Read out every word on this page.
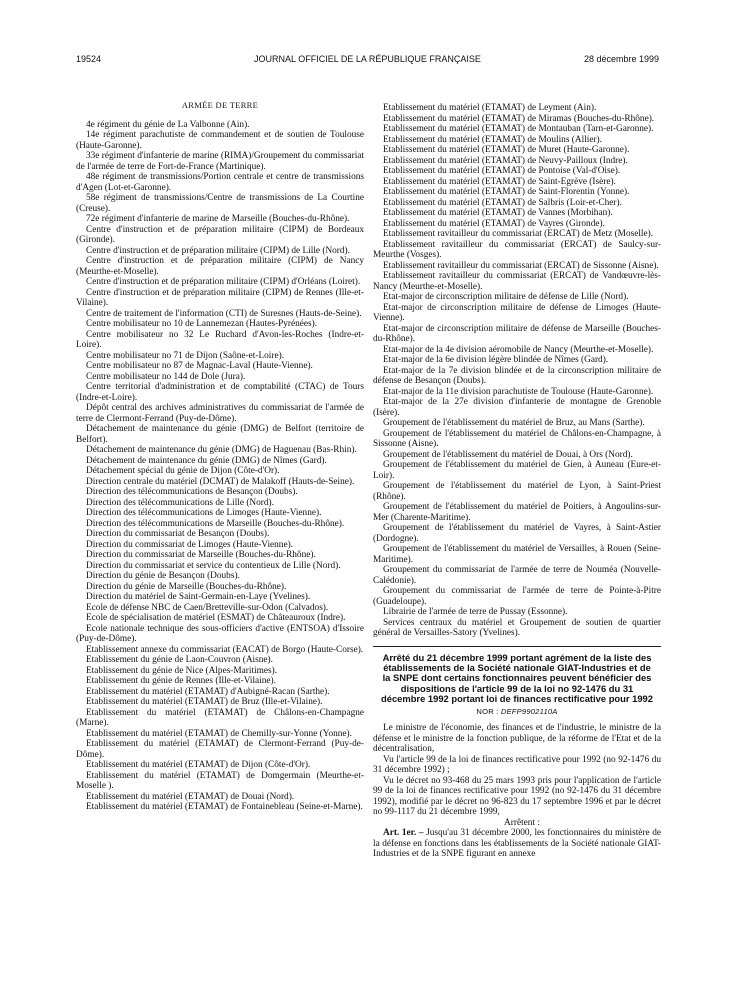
19524	JOURNAL OFFICIEL DE LA RÉPUBLIQUE FRANÇAISE	28 décembre 1999

ARMÉE DE TERRE

4e régiment du génie de La Valbonne (Ain).

14e régiment parachutiste de commandement et de soutien de Toulouse (Haute-Garonne).

33e régiment d'infanterie de marine (RIMA)/Groupement du commissariat de l'armée de terre de Fort-de-France (Martinique).

48e régiment de transmissions/Portion centrale et centre de transmissions d'Agen (Lot-et-Garonne).

58e régiment de transmissions/Centre de transmissions de La Courtine (Creuse).

72e régiment d'infanterie de marine de Marseille (Bouches-du-Rhône).

Centre d'instruction et de préparation militaire (CIPM) de Bordeaux (Gironde).

Centre d'instruction et de préparation militaire (CIPM) de Lille (Nord).

Centre d'instruction et de préparation militaire (CIPM) de Nancy (Meurthe-et-Moselle).

Centre d'instruction et de préparation militaire (CIPM) d'Orléans (Loiret).

Centre d'instruction et de préparation militaire (CIPM) de Rennes (Ille-et-Vilaine).

Centre de traitement de l'information (CTI) de Suresnes (Hauts-de-Seine).

Centre mobilisateur no 10 de Lannemezan (Hautes-Pyrénées).

Centre mobilisateur no 32 Le Ruchard d'Avon-les-Roches (Indre-et-Loire).

Centre mobilisateur no 71 de Dijon (Saône-et-Loire).

Centre mobilisateur no 87 de Magnac-Laval (Haute-Vienne).

Centre mobilisateur no 144 de Dole (Jura).

Centre territorial d'administration et de comptabilité (CTAC) de Tours (Indre-et-Loire).

Dépôt central des archives administratives du commissariat de l'armée de terre de Clermont-Ferrand (Puy-de-Dôme).

Détachement de maintenance du génie (DMG) de Belfort (territoire de Belfort).

Détachement de maintenance du génie (DMG) de Haguenau (Bas-Rhin).

Détachement de maintenance du génie (DMG) de Nîmes (Gard).

Détachement spécial du génie de Dijon (Côte-d'Or).

Direction centrale du matériel (DCMAT) de Malakoff (Hauts-de-Seine).

Direction des télécommunications de Besançon (Doubs).

Direction des télécommunications de Lille (Nord).

Direction des télécommunications de Limoges (Haute-Vienne).

Direction des télécommunications de Marseille (Bouches-du-Rhône).

Direction du commissariat de Besançon (Doubs).

Direction du commissariat de Limoges (Haute-Vienne).

Direction du commissariat de Marseille (Bouches-du-Rhône).

Direction du commissariat et service du contentieux de Lille (Nord).

Direction du génie de Besançon (Doubs).

Direction du génie de Marseille (Bouches-du-Rhône).

Direction du matériel de Saint-Germain-en-Laye (Yvelines).

Ecole de défense NBC de Caen/Bretteville-sur-Odon (Calvados).

Ecole de spécialisation de matériel (ESMAT) de Châteauroux (Indre).

Ecole nationale technique des sous-officiers d'active (ENTSOA) d'Issoire (Puy-de-Dôme).

Etablissement annexe du commissariat (EACAT) de Borgo (Haute-Corse).

Etablissement du génie de Laon-Couvron (Aisne).

Etablissement du génie de Nice (Alpes-Maritimes).

Etablissement du génie de Rennes (Ille-et-Vilaine).

Etablissement du matériel (ETAMAT) d'Aubigné-Racan (Sarthe).

Etablissement du matériel (ETAMAT) de Bruz (Ille-et-Vilaine).

Etablissement du matériel (ETAMAT) de Châlons-en-Champagne (Marne).

Etablissement du matériel (ETAMAT) de Chemilly-sur-Yonne (Yonne).

Etablissement du matériel (ETAMAT) de Clermont-Ferrand (Puy-de-Dôme).

Etablissement du matériel (ETAMAT) de Dijon (Côte-d'Or).

Etablissement du matériel (ETAMAT) de Domgermain (Meurthe-et-Moselle ).

Etablissement du matériel (ETAMAT) de Douai (Nord).

Etablissement du matériel (ETAMAT) de Fontainebleau (Seine-et-Marne).

Etablissement du matériel (ETAMAT) de Leyment (Ain).

Etablissement du matériel (ETAMAT) de Miramas (Bouches-du-Rhône).

Etablissement du matériel (ETAMAT) de Montauban (Tarn-et-Garonne).

Etablissement du matériel (ETAMAT) de Moulins (Allier).

Etablissement du matériel (ETAMAT) de Muret (Haute-Garonne).

Etablissement du matériel (ETAMAT) de Neuvy-Pailloux (Indre).

Etablissement du matériel (ETAMAT) de Pontoise (Val-d'Oise).

Etablissement du matériel (ETAMAT) de Saint-Egrève (Isère).

Etablissement du matériel (ETAMAT) de Saint-Florentin (Yonne).

Etablissement du matériel (ETAMAT) de Salbris (Loir-et-Cher).

Etablissement du matériel (ETAMAT) de Vannes (Morbihan).

Etablissement du matériel (ETAMAT) de Vayres (Gironde).

Etablissement ravitailleur du commissariat (ERCAT) de Metz (Moselle).

Etablissement ravitailleur du commissariat (ERCAT) de Saulcy-sur-Meurthe (Vosges).

Etablissement ravitailleur du commissariat (ERCAT) de Sissonne (Aisne).

Etablissement ravitailleur du commissariat (ERCAT) de Vandœuvre-lès-Nancy (Meurthe-et-Moselle).

Etat-major de circonscription militaire de défense de Lille (Nord).

Etat-major de circonscription militaire de défense de Limoges (Haute-Vienne).

Etat-major de circonscription militaire de défense de Marseille (Bouches-du-Rhône).

Etat-major de la 4e division aéromobile de Nancy (Meurthe-et-Moselle).

Etat-major de la 6e division légère blindée de Nîmes (Gard).

Etat-major de la 7e division blindée et de la circonscription militaire de défense de Besançon (Doubs).

Etat-major de la 11e division parachutiste de Toulouse (Haute-Garonne).

Etat-major de la 27e division d'infanterie de montagne de Grenoble (Isère).

Groupement de l'établissement du matériel de Bruz, au Mans (Sarthe).

Groupement de l'établissement du matériel de Châlons-en-Champagne, à Sissonne (Aisne).

Groupement de l'établissement du matériel de Douai, à Ors (Nord).

Groupement de l'établissement du matériel de Gien, à Auneau (Eure-et-Loir).

Groupement de l'établissement du matériel de Lyon, à Saint-Priest (Rhône).

Groupement de l'établissement du matériel de Poitiers, à Angoulins-sur-Mer (Charente-Maritime).

Groupement de l'établissement du matériel de Vayres, à Saint-Astier (Dordogne).

Groupement de l'établissement du matériel de Versailles, à Rouen (Seine-Maritime).

Groupement du commissariat de l'armée de terre de Nouméa (Nouvelle-Calédonie).

Groupement du commissariat de l'armée de terre de Pointe-à-Pitre (Guadeloupe).

Librairie de l'armée de terre de Pussay (Essonne).

Services centraux du matériel et Groupement de soutien de quartier général de Versailles-Satory (Yvelines).

Arrêté du 21 décembre 1999 portant agrément de la liste des établissements de la Société nationale GIAT-Industries et de la SNPE dont certains fonctionnaires peuvent bénéficier des dispositions de l'article 99 de la loi no 92-1476 du 31 décembre 1992 portant loi de finances rectificative pour 1992
NOR : DEFP9902110A

Le ministre de l'économie, des finances et de l'industrie, le ministre de la défense et le ministre de la fonction publique, de la réforme de l'Etat et de la décentralisation,

Vu l'article 99 de la loi de finances rectificative pour 1992 (no 92-1476 du 31 décembre 1992) ;

Vu le décret no 93-468 du 25 mars 1993 pris pour l'application de l'article 99 de la loi de finances rectificative pour 1992 (no 92-1476 du 31 décembre 1992), modifié par le décret no 96-823 du 17 septembre 1996 et par le décret no 99-1117 du 21 décembre 1999,

Arrêtent :

Art. 1er. – Jusqu'au 31 décembre 2000, les fonctionnaires du ministère de la défense en fonctions dans les établissements de la Société nationale GIAT-Industries et de la SNPE figurant en annexe
